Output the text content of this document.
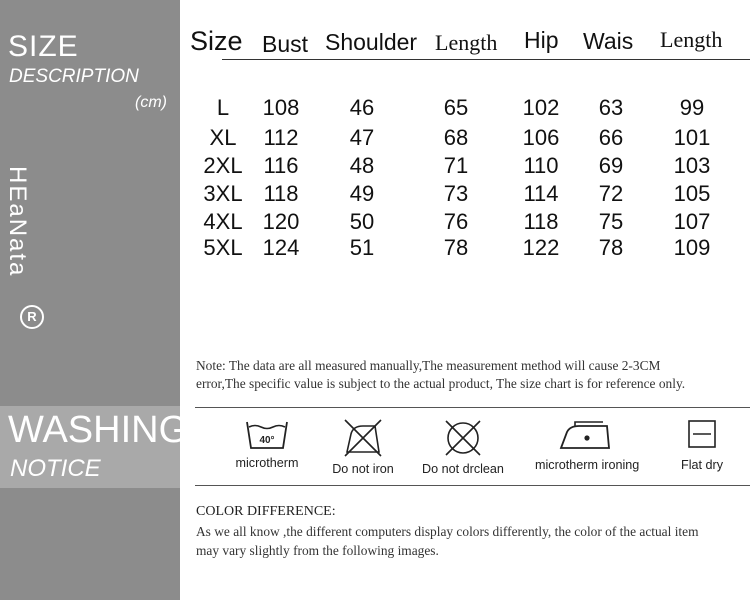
SIZE
DESCRIPTION
(cm)
HEaNata
R
WASHING
NOTICE
Size Bust Shoulder Length Hip Wais Length
L	108	46	65	102	63	99
XL	112	47	68	106	66	101
2XL 116	48	71	110	69	103
3XL 118	49	73	114	72	105
4XL 120	50	76	118	75	107
5XL 124	51	78	122	78	109
Note: The data are all measured manually,The measurement method will cause 2-3CM
error,The specific value is subject to the actual product, The size chart is for reference only.
40°
microtherm	Do not iron	Do not drclean	microtherm ironing	Flat dry
COLOR DIFFERENCE:
As we all know ,the different computers display colors differently, the color of the actual item
may vary slightly from the following images.
